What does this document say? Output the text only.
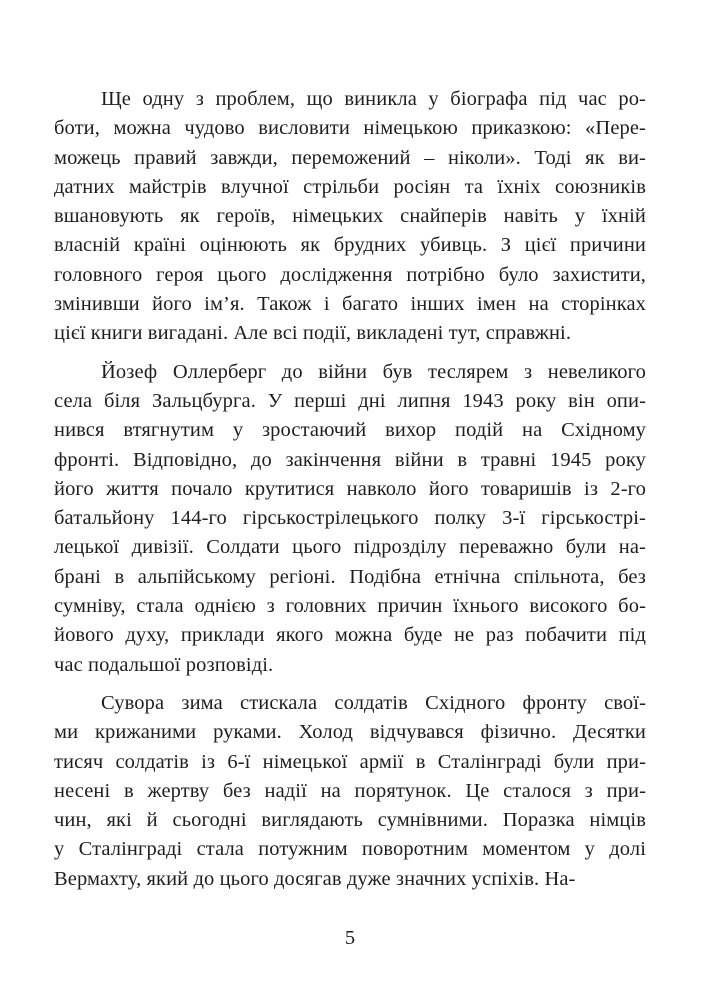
Ще одну з проблем, що виникла у біографа під час ро-
боти, можна чудово висловити німецькою приказкою: «Пере-
можець правий завжди, переможений – ніколи». Тоді як ви-
датних майстрів влучної стрільби росіян та їхніх союзників
вшановують як героїв, німецьких снайперів навіть у їхній
власній країні оцінюють як брудних убивць. З цієї причини
головного героя цього дослідження потрібно було захистити,
змінивши його ім’я. Також і багато інших імен на сторінках
цієї книги вигадані. Але всі події, викладені тут, справжні.
Йозеф Оллерберг до війни був теслярем з невеликого
села біля Зальцбурга. У перші дні липня 1943 року він опи-
нився втягнутим у зростаючий вихор подій на Східному
фронті. Відповідно, до закінчення війни в травні 1945 року
його життя почало крутитися навколо його товаришів із 2-го
батальйону 144-го гірськострілецького полку 3-ї гірськострі-
лецької дивізії. Солдати цього підрозділу переважно були на-
брані в альпійському регіоні. Подібна етнічна спільнота, без
сумніву, стала однією з головних причин їхнього високого бо-
йового духу, приклади якого можна буде не раз побачити під
час подальшої розповіді.
Сувора зима стискала солдатів Східного фронту свої-
ми крижаними руками. Холод відчувався фізично. Десятки
тисяч солдатів із 6-ї німецької армії в Сталінграді були при-
несені в жертву без надії на порятунок. Це сталося з при-
чин, які й сьогодні виглядають сумнівними. Поразка німців
у Сталінграді стала потужним поворотним моментом у долі
Вермахту, який до цього досягав дуже значних успіхів. На-
5
